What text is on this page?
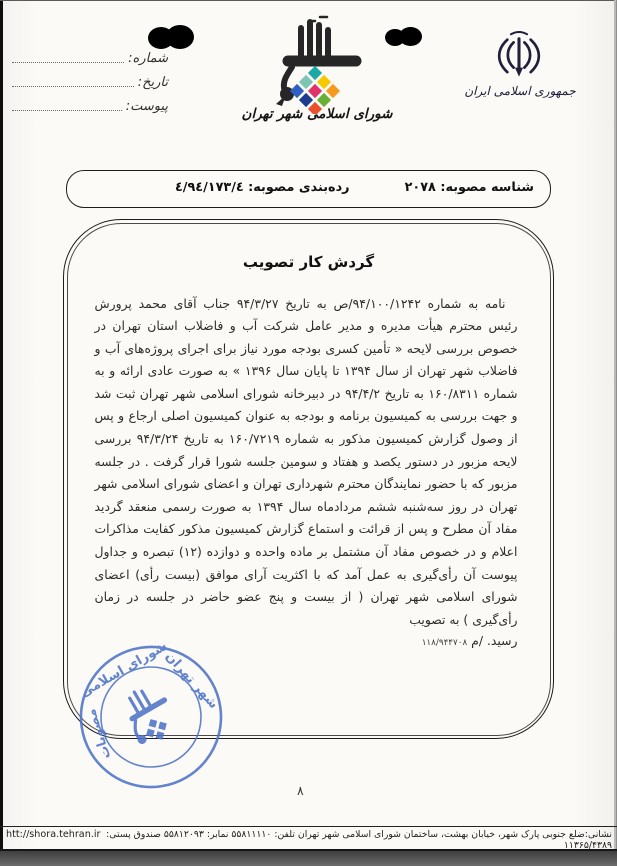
شماره:
تاریخ:
پیوست:	شورای اسلامی شهر تهران
جمهوری اسلامی ایران
شناسه مصوبه: ۲۰۷۸
رده‌بندی مصوبه: ٤/٩٤/١٧٣/٤
گردش کار تصویب
نامه به شماره ۹۴/۱۰۰/۱۲۴۲/ص به تاریخ ۹۴/۳/۲۷ جناب آقای محمد پرورش رئیس محترم هیأت مدیره و مدیر عامل شرکت آب و فاضلاب استان تهران در خصوص بررسی لایحه « تأمین کسری بودجه مورد نیاز برای اجرای پروژه‌های آب و فاضلاب شهر تهران از سال ۱۳۹۴ تا پایان سال ۱۳۹۶ » به صورت عادی ارائه و به شماره ۱۶۰/۸۳۱۱ به تاریخ ۹۴/۴/۲ در دبیرخانه شورای اسلامی شهر تهران ثبت شد و جهت بررسی به کمیسیون برنامه و بودجه به عنوان کمیسیون اصلی ارجاع و پس از وصول گزارش کمیسیون مذکور به شماره ۱۶۰/۷۲۱۹ به تاریخ ۹۴/۳/۲۴ بررسی لایحه مزبور در دستور یکصد و هفتاد و سومین جلسه شورا قرار گرفت . در جلسه مزبور که با حضور نمایندگان محترم شهرداری تهران و اعضای شورای اسلامی شهر تهران در روز سه‌شنبه ششم مردادماه سال ۱۳۹۴ به صورت رسمی منعقد گردید مفاد آن مطرح و پس از قرائت و استماع گزارش کمیسیون مذکور کفایت مذاکرات اعلام و در خصوص مفاد آن مشتمل بر ماده واحده و دوازده (۱۲) تبصره و جداول پیوست آن رأی‌گیری به عمل آمد که با اکثریت آرای موافق (بیست رأی) اعضای شورای اسلامی شهر تهران ( از بیست و پنج عضو حاضر در جلسه در زمان رأی‌گیری ) به تصویب
رسید. /م ۱۱۸/۹۴۴۷۰۸
شورای اسلامی
مصوبات
شهر تهران
۸
نشانی:ضلع جنوبی پارک شهر، خیابان بهشت، ساختمان شورای اسلامی شهر تهران تلفن: ۵۵۸۱۱۱۱۰ نمابر: ۵۵۸۱۲۰۹۳ صندوق پستی: ۱۱۳۶۵/۴۳۸۹
htt://shora.tehran.ir
